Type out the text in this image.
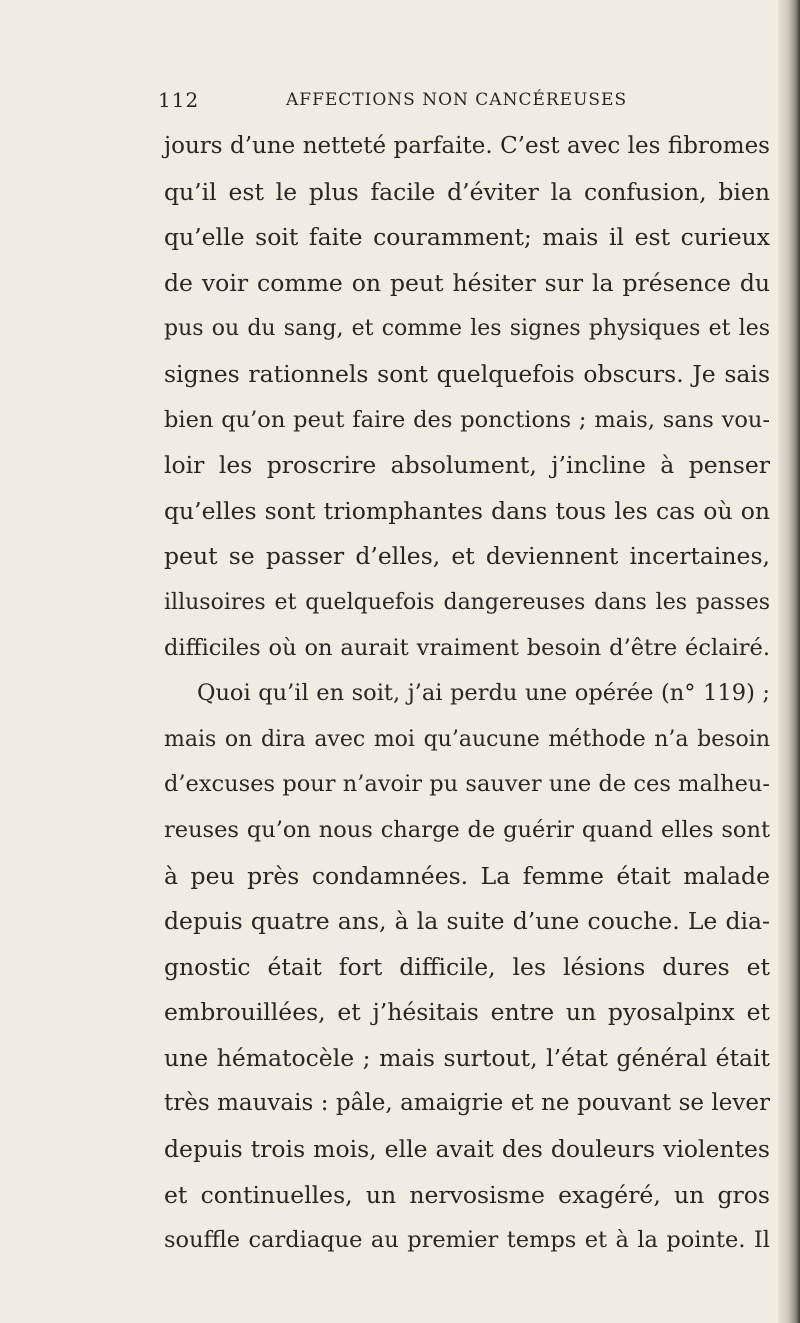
112	AFFECTIONS NON CANCÉREUSES
jours d’une netteté parfaite. C’est avec les fibromes
qu’il est le plus facile d’éviter la confusion, bien
qu’elle soit faite couramment; mais il est curieux
de voir comme on peut hésiter sur la présence du
pus ou du sang, et comme les signes physiques et les
signes rationnels sont quelquefois obscurs. Je sais
bien qu’on peut faire des ponctions ; mais, sans vou-
loir les proscrire absolument, j’incline à penser
qu’elles sont triomphantes dans tous les cas où on
peut se passer d’elles, et deviennent incertaines,
illusoires et quelquefois dangereuses dans les passes
difficiles où on aurait vraiment besoin d’être éclairé.
Quoi qu’il en soit, j’ai perdu une opérée (n° 119) ;
mais on dira avec moi qu’aucune méthode n’a besoin
d’excuses pour n’avoir pu sauver une de ces malheu-
reuses qu’on nous charge de guérir quand elles sont
à peu près condamnées. La femme était malade
depuis quatre ans, à la suite d’une couche. Le dia-
gnostic était fort difficile, les lésions dures et
embrouillées, et j’hésitais entre un pyosalpinx et
une hématocèle ; mais surtout, l’état général était
très mauvais : pâle, amaigrie et ne pouvant se lever
depuis trois mois, elle avait des douleurs violentes
et continuelles, un nervosisme exagéré, un gros
souffle cardiaque au premier temps et à la pointe. Il
